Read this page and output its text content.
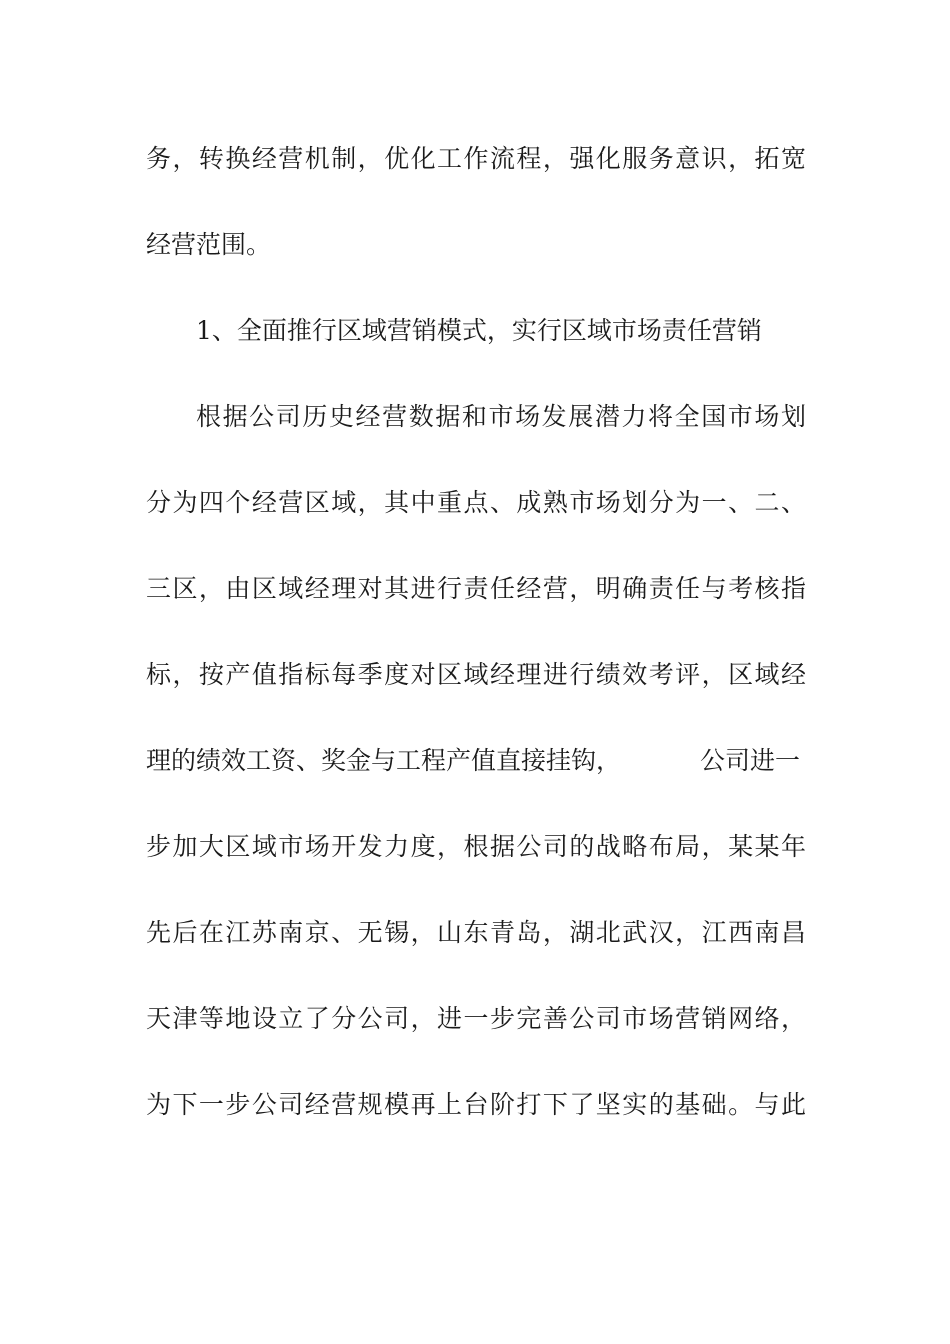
务，转换经营机制，优化工作流程，强化服务意识，拓宽
经营范围。
1、全面推行区域营销模式，实行区域市场责任营销
根据公司历史经营数据和市场发展潜力将全国市场划
分为四个经营区域，其中重点、成熟市场划分为一、二、
三区，由区域经理对其进行责任经营，明确责任与考核指
标，按产值指标每季度对区域经理进行绩效考评，区域经
理的绩效工资、奖金与工程产值直接挂钩，	公司进一
步加大区域市场开发力度，根据公司的战略布局，某某年
先后在江苏南京、无锡，山东青岛，湖北武汉，江西南昌
天津等地设立了分公司，进一步完善公司市场营销网络，
为下一步公司经营规模再上台阶打下了坚实的基础。与此
